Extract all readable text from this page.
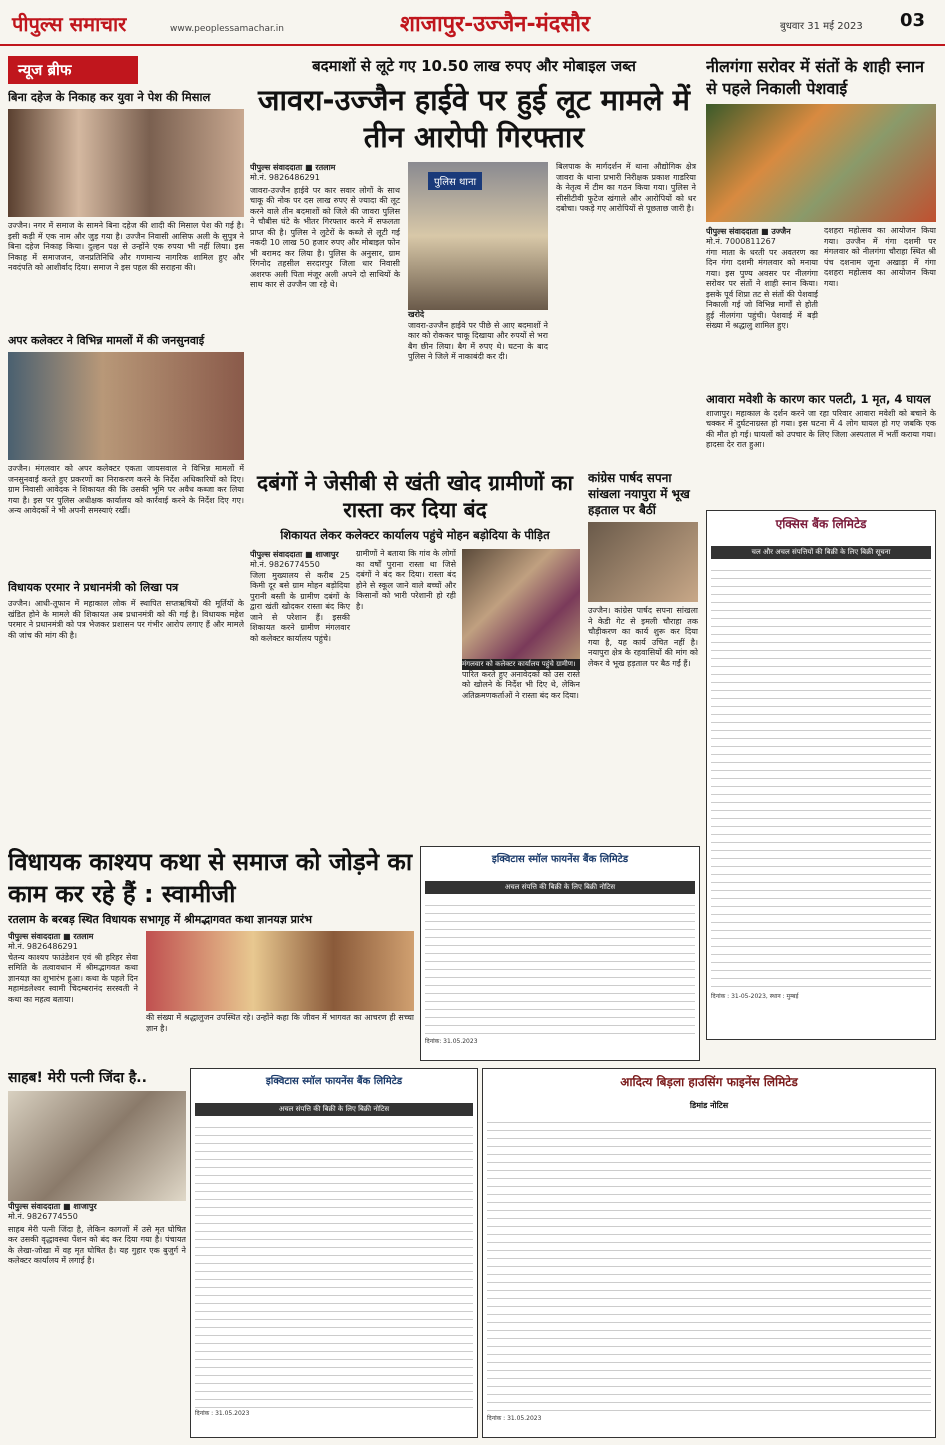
पीपुल्स समाचार	www.peoplessamachar.in	शाजापुर-उज्जैन-मंदसौर	बुधवार 31 मई 2023 03
न्यूज ब्रीफ
बिना दहेज के निकाह कर युवा ने पेश की मिसाल
उज्जैन। नगर में समाज के सामने बिना दहेज की शादी की मिसाल पेश की गई है। इसी कड़ी में एक नाम और जुड़ गया है। उज्जैन निवासी आसिफ अली के सुपुत्र ने बिना दहेज निकाह किया। दुल्हन पक्ष से उन्होंने एक रुपया भी नहीं लिया। इस निकाह में समाजजन, जनप्रतिनिधि और गणमान्य नागरिक शामिल हुए और नवदंपति को आशीर्वाद दिया। समाज ने इस पहल की सराहना की।
अपर कलेक्टर ने विभिन्न मामलों में की जनसुनवाई
उज्जैन। मंगलवार को अपर कलेक्टर एकता जायसवाल ने विभिन्न मामलों में जनसुनवाई करते हुए प्रकरणों का निराकरण करने के निर्देश अधिकारियों को दिए। ग्राम निवासी आवेदक ने शिकायत की कि उसकी भूमि पर अवैध कब्जा कर लिया गया है। इस पर पुलिस अधीक्षक कार्यालय को कार्रवाई करने के निर्देश दिए गए। अन्य आवेदकों ने भी अपनी समस्याएं रखीं।
विधायक एरमार ने प्रधानमंत्री को लिखा पत्र
उज्जैन। आधी-तूफान में महाकाल लोक में स्थापित सप्तऋषियों की मूर्तियों के खंडित होने के मामले की शिकायत अब प्रधानमंत्री को की गई है। विधायक महेश परमार ने प्रधानमंत्री को पत्र भेजकर प्रशासन पर गंभीर आरोप लगाए हैं और मामले की जांच की मांग की है।
बदमाशों से लूटे गए 10.50 लाख रुपए और मोबाइल जब्त
जावरा-उज्जैन हाईवे पर हुई लूट मामले में तीन आरोपी गिरफ्तार
पीपुल्स संवाददाता ■ रतलाम
मो.नं. 9826486291
जावरा-उज्जैन हाईवे पर कार सवार लोगों के साथ चाकू की नोक पर दस लाख रुपए से ज्यादा की लूट करने वाले तीन बदमाशों को जिले की जावरा पुलिस ने चौबीस घंटे के भीतर गिरफ्तार करने में सफलता प्राप्त की है। पुलिस ने लुटेरों के कब्जे से लूटी गई नकदी 10 लाख 50 हजार रुपए और मोबाइल फोन भी बरामद कर लिया है। पुलिस के अनुसार, ग्राम रिंगनोद तहसील सरदारपुर जिला धार निवासी अशरफ अली पिता मंजूर अली अपने दो साथियों के साथ कार से उज्जैन जा रहे थे।
पुलिस थाना
खरोदे
जावरा-उज्जैन हाईवे पर पीछे से आए बदमाशों ने कार को रोककर चाकू दिखाया और रुपयों से भरा बैग छीन लिया। बैग में रुपए थे। घटना के बाद पुलिस ने जिले में नाकाबंदी कर दी।
बिलपाक के मार्गदर्शन में थाना औद्योगिक क्षेत्र जावरा के थाना प्रभारी निरीक्षक प्रकाश गाडरिया के नेतृत्व में टीम का गठन किया गया। पुलिस ने सीसीटीवी फुटेज खंगाले और आरोपियों को धर दबोचा। पकड़े गए आरोपियों से पूछताछ जारी है।
नीलगंगा सरोवर में संतों के शाही स्नान से पहले निकाली पेशवाई
पीपुल्स संवाददाता ■ उज्जैन
मो.नं. 7000811267
गंगा माता के धरती पर अवतरण का दिन गंगा दशमी मंगलवार को मनाया गया। इस पुण्य अवसर पर नीलगंगा सरोवर पर संतों ने शाही स्नान किया। इसके पूर्व शिप्रा तट से संतों की पेशवाई निकाली गई जो विभिन्न मार्गों से होती हुई नीलगंगा पहुंची। पेशवाई में बड़ी संख्या में श्रद्धालु शामिल हुए।
दशहरा महोत्सव का आयोजन किया गया। उज्जैन में गंगा दशमी पर मंगलवार को नीलगंगा चौराहा स्थित श्री पंच दशनाम जूना अखाड़ा में गंगा दशहरा महोत्सव का आयोजन किया गया।
आवारा मवेशी के कारण कार पलटी, 1 मृत, 4 घायल
शाजापुर। महाकाल के दर्शन करने जा रहा परिवार आवारा मवेशी को बचाने के चक्कर में दुर्घटनाग्रस्त हो गया। इस घटना में 4 लोग घायल हो गए जबकि एक की मौत हो गई। घायलों को उपचार के लिए जिला अस्पताल में भर्ती कराया गया। हादसा देर रात हुआ।
दबंगों ने जेसीबी से खंती खोद ग्रामीणों का रास्ता कर दिया बंद
शिकायत लेकर कलेक्टर कार्यालय पहुंचे मोहन बड़ोदिया के पीड़ित
पीपुल्स संवाददाता ■ शाजापुर
मो.नं. 9826774550
जिला मुख्यालय से करीब 25 किमी दूर बसे ग्राम मोहन बड़ोदिया पुरानी बस्ती के ग्रामीण दबंगों के द्वारा खंती खोदकर रास्ता बंद किए जाने से परेशान हैं। इसकी शिकायत करने ग्रामीण मंगलवार को कलेक्टर कार्यालय पहुंचे।
ग्रामीणों ने बताया कि गांव के लोगों का वर्षों पुराना रास्ता था जिसे दबंगों ने बंद कर दिया। रास्ता बंद होने से स्कूल जाने वाले बच्चों और किसानों को भारी परेशानी हो रही है।
मंगलवार को कलेक्टर कार्यालय पहुंचे ग्रामीण।
पारित करते हुए अनावेदकों को उस रास्ते को खोलने के निर्देश भी दिए थे, लेकिन अतिक्रमणकर्ताओं ने रास्ता बंद कर दिया।
कांग्रेस पार्षद सपना सांखला नयापुरा में भूख हड़ताल पर बैठीं
उज्जैन। कांग्रेस पार्षद सपना सांखला ने केडी गेट से इमली चौराहा तक चौड़ीकरण का कार्य शुरू कर दिया गया है, यह कार्य उचित नहीं है। नयापुरा क्षेत्र के रहवासियों की मांग को लेकर वे भूख हड़ताल पर बैठ गईं हैं।
एक्सिस बैंक लिमिटेड
चल और अचल संपत्तियों की बिक्री के लिए बिक्री सूचना
दिनांक : 31-05-2023, स्थान : मुम्बई
विधायक काश्यप कथा से समाज को जोड़ने का काम कर रहे हैं : स्वामीजी
रतलाम के बरबड़ स्थित विधायक सभागृह में श्रीमद्भागवत कथा ज्ञानयज्ञ प्रारंभ
पीपुल्स संवाददाता ■ रतलाम
मो.नं. 9826486291
चेतन्य काश्यप फाउंडेशन एवं श्री हरिहर सेवा समिति के तत्वावधान में श्रीमद्भागवत कथा ज्ञानयज्ञ का शुभारंभ हुआ। कथा के पहले दिन महामंडलेश्वर स्वामी चिदम्बरानंद सरस्वती ने कथा का महत्व बताया।
की संख्या में श्रद्धालुजन उपस्थित रहे। उन्होंने कहा कि जीवन में भागवत का आचरण ही सच्चा ज्ञान है।
इक्विटास स्मॉल फायनेंस बैंक लिमिटेड
अचल संपत्ति की बिक्री के लिए बिक्री नोटिस
दिनांक: 31.05.2023
साहब! मेरी पत्नी जिंदा है..
पीपुल्स संवाददाता ■ शाजापुर
मो.नं. 9826774550
साहब मेरी पत्नी जिंदा है, लेकिन कागजों में उसे मृत घोषित कर उसकी वृद्धावस्था पेंशन को बंद कर दिया गया है। पंचायत के लेखा-जोखा में वह मृत घोषित है। यह गुहार एक बुजुर्ग ने कलेक्टर कार्यालय में लगाई है।
इक्विटास स्मॉल फायनेंस बैंक लिमिटेड
अचल संपत्ति की बिक्री के लिए बिक्री नोटिस
दिनांक : 31.05.2023
आदित्य बिड़ला हाउसिंग फाइनेंस लिमिटेड
डिमांड नोटिस
दिनांक : 31.05.2023
